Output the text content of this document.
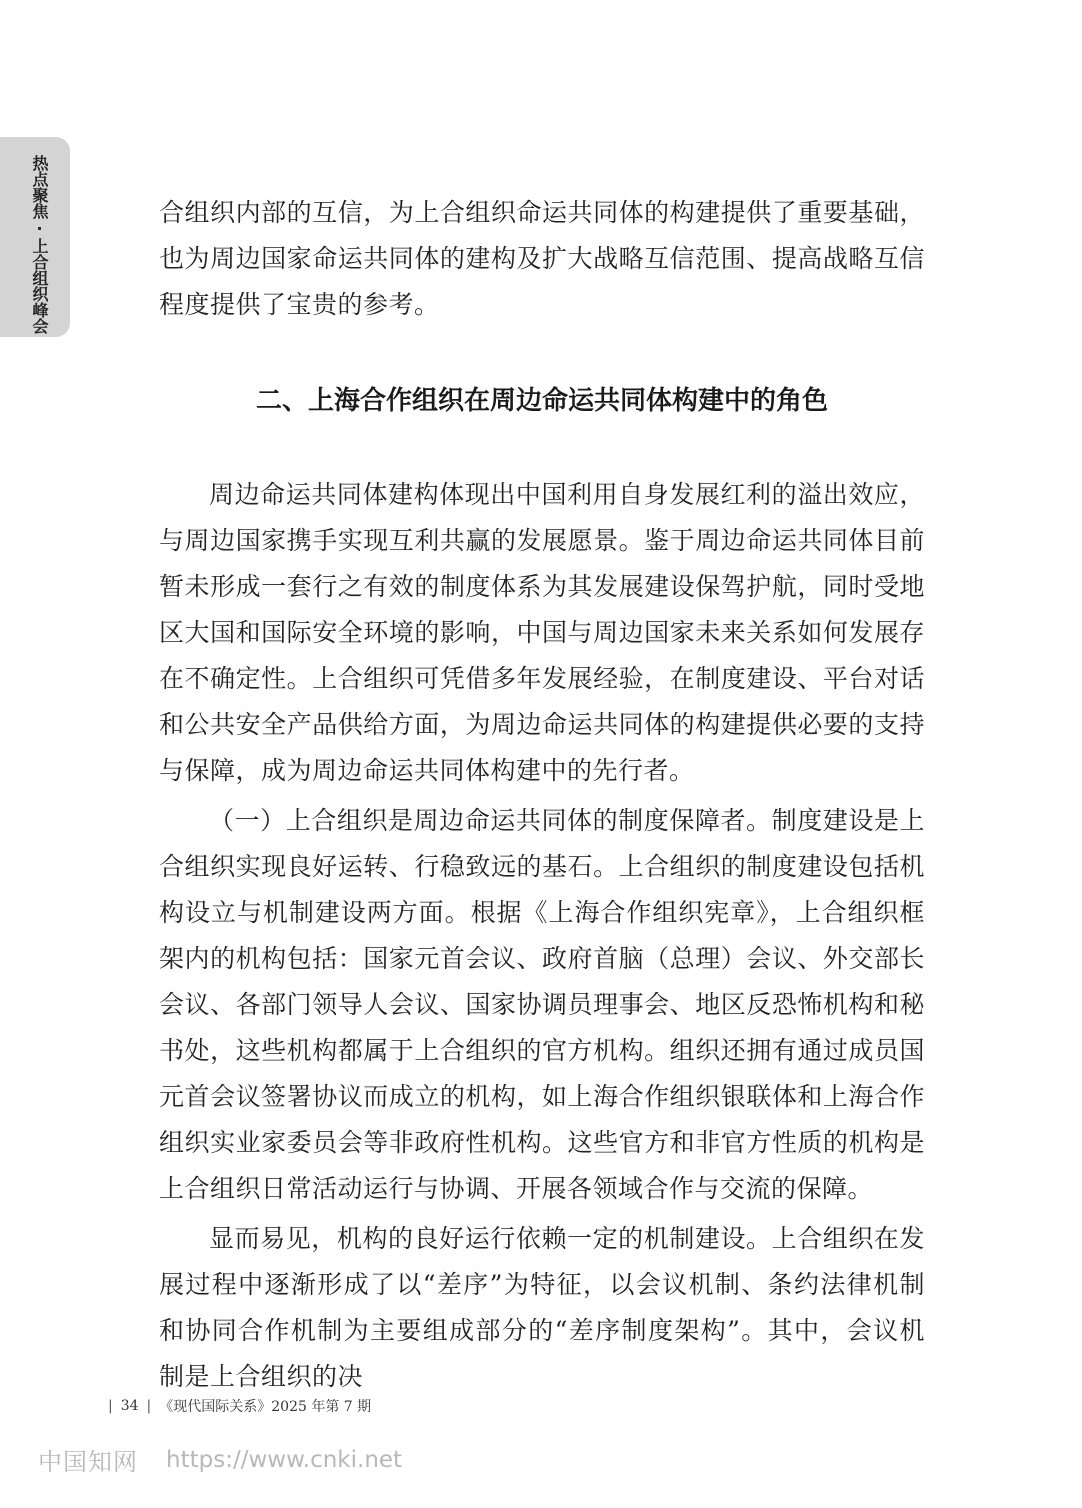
热点聚焦·上合组织峰会	合组织内部的互信，为上合组织命运共同体的构建提供了重要基础，也为周边国家命运共同体的建构及扩大战略互信范围、提高战略互信程度提供了宝贵的参考。

二、上海合作组织在周边命运共同体构建中的角色

周边命运共同体建构体现出中国利用自身发展红利的溢出效应，与周边国家携手实现互利共赢的发展愿景。鉴于周边命运共同体目前暂未形成一套行之有效的制度体系为其发展建设保驾护航，同时受地区大国和国际安全环境的影响，中国与周边国家未来关系如何发展存在不确定性。上合组织可凭借多年发展经验，在制度建设、平台对话和公共安全产品供给方面，为周边命运共同体的构建提供必要的支持与保障，成为周边命运共同体构建中的先行者。

（一）上合组织是周边命运共同体的制度保障者。制度建设是上合组织实现良好运转、行稳致远的基石。上合组织的制度建设包括机构设立与机制建设两方面。根据《上海合作组织宪章》，上合组织框架内的机构包括：国家元首会议、政府首脑（总理）会议、外交部长会议、各部门领导人会议、国家协调员理事会、地区反恐怖机构和秘书处，这些机构都属于上合组织的官方机构。组织还拥有通过成员国元首会议签署协议而成立的机构，如上海合作组织银联体和上海合作组织实业家委员会等非政府性机构。这些官方和非官方性质的机构是上合组织日常活动运行与协调、开展各领域合作与交流的保障。

显而易见，机构的良好运行依赖一定的机制建设。上合组织在发展过程中逐渐形成了以“差序”为特征，以会议机制、条约法律机制和协同合作机制为主要组成部分的“差序制度架构”。其中，会议机制是上合组织的决

| 34 | 《现代国际关系》2025 年第 7 期
中国知网 https://www.cnki.net
